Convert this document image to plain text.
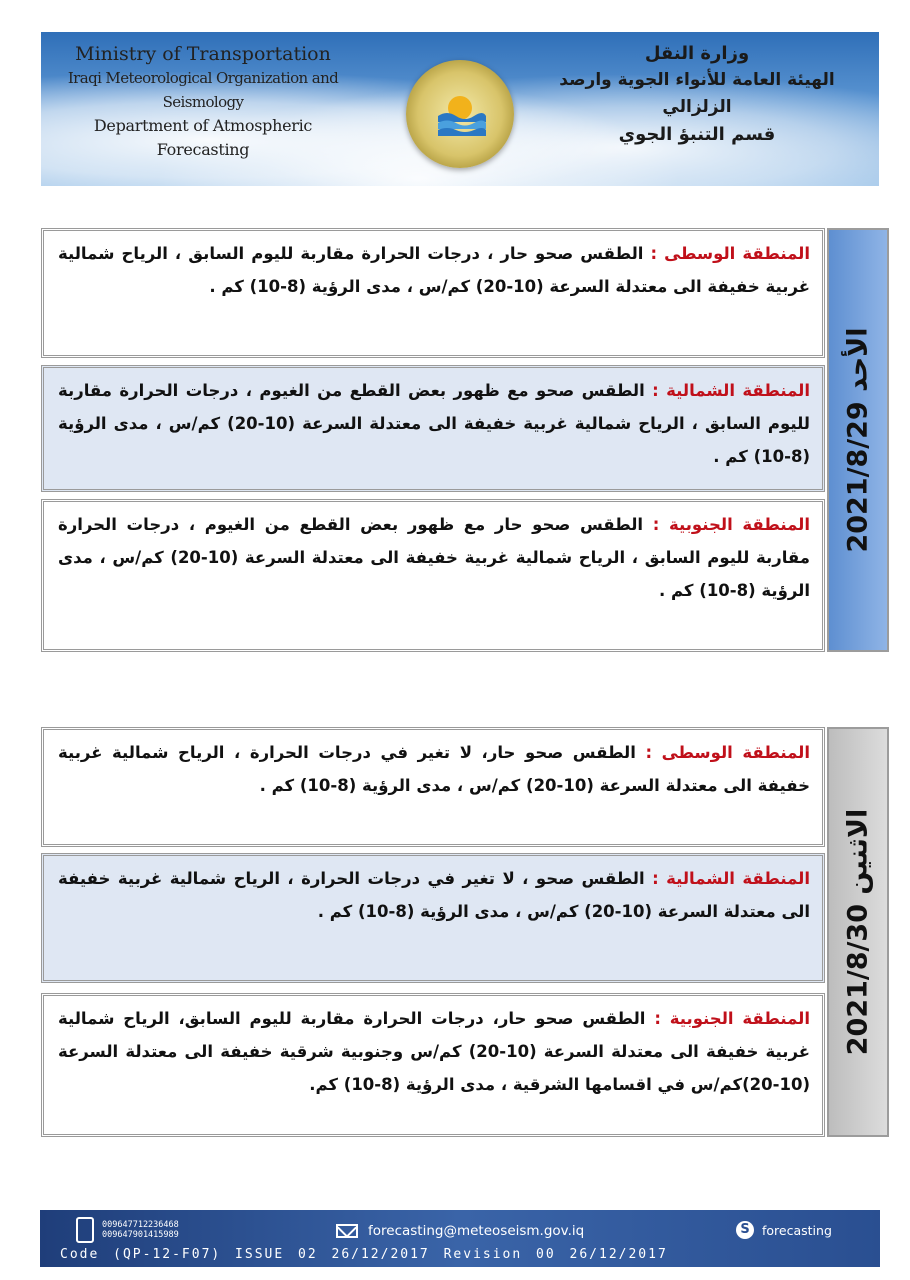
Ministry of Transportation
Iraqi Meteorological Organization and Seismology
Department of Atmospheric Forecasting
وزارة النقل
الهيئة العامة للأنواء الجوية وارصد الزلزالي
قسم التنبؤ الجوي
المنطقة الوسطى : الطقس صحو حار ، درجات الحرارة مقاربة لليوم السابق ، الرياح شمالية غربية خفيفة الى معتدلة السرعة (10-20) كم/س ، مدى الرؤية (8-10) كم .
المنطقة الشمالية : الطقس صحو مع ظهور بعض القطع من الغيوم ، درجات الحرارة مقاربة لليوم السابق ، الرياح شمالية غربية خفيفة الى معتدلة السرعة (10-20) كم/س ، مدى الرؤية (8-10) كم .
المنطقة الجنوبية : الطقس صحو حار مع ظهور بعض القطع من الغيوم ، درجات الحرارة مقاربة لليوم السابق ، الرياح شمالية غربية خفيفة الى معتدلة السرعة (10-20) كم/س ، مدى الرؤية (8-10) كم .
الأحد 2021/8/29
المنطقة الوسطى : الطقس صحو حار، لا تغير في درجات الحرارة ، الرياح شمالية غربية خفيفة الى معتدلة السرعة (10-20) كم/س ، مدى الرؤية (8-10) كم .
المنطقة الشمالية : الطقس صحو ، لا تغير في درجات الحرارة ، الرياح شمالية غربية خفيفة الى معتدلة السرعة (10-20) كم/س ، مدى الرؤية (8-10) كم .
المنطقة الجنوبية : الطقس صحو حار، درجات الحرارة مقاربة لليوم السابق، الرياح شمالية غربية خفيفة الى معتدلة السرعة (10-20) كم/س وجنوبية شرقية خفيفة الى معتدلة السرعة (10-20)كم/س في اقسامها الشرقية ، مدى الرؤية (8-10) كم.
الاثنين 2021/8/30
009647712236468
009647901415989	forecasting@meteoseism.gov.iq	S forecasting
Code (QP-12-F07) ISSUE 02 26/12/2017 Revision 00 26/12/2017
